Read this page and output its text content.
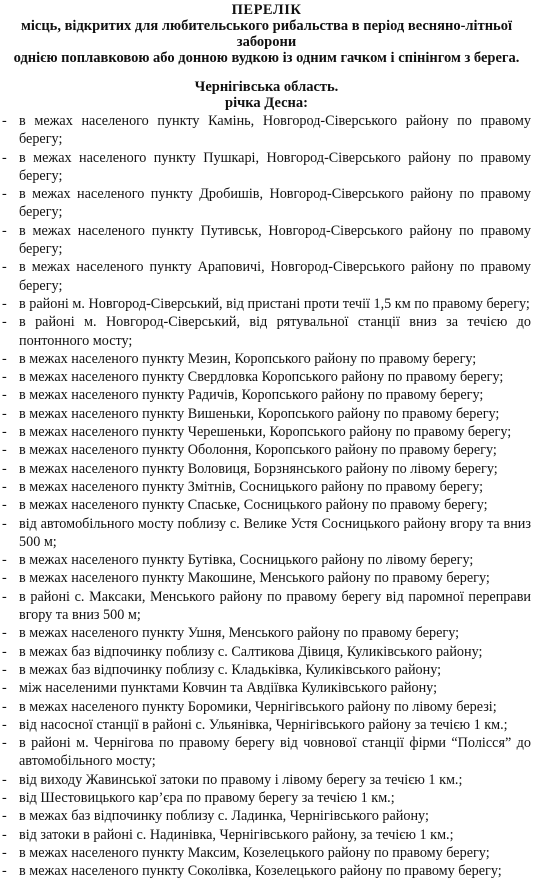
ПЕРЕЛІК

місць, відкритих для любительського рибальства в період весняно-літньої заборони

однією поплавковою або донною вудкою із одним гачком і спінінгом з берега.

Чернігівська область.

річка Десна:

- в межах населеного пункту Камінь, Новгород-Сіверського району по правому берегу;
- в межах населеного пункту Пушкарі, Новгород-Сіверського району по правому берегу;
- в межах населеного пункту Дробишів, Новгород-Сіверського району по правому берегу;
- в межах населеного пункту Путивськ, Новгород-Сіверського району по правому берегу;
- в межах населеного пункту Араповичі, Новгород-Сіверського району по правому берегу;
- в районі м. Новгород-Сіверський, від пристані проти течії 1,5 км по правому берегу;
- в районі м. Новгород-Сіверський, від рятувальної станції вниз за течією до понтонного мосту;
- в межах населеного пункту Мезин, Коропського району по правому берегу;
- в межах населеного пункту Свердловка Коропського району по правому берегу;
- в межах населеного пункту Радичів, Коропського району по правому берегу;
- в межах населеного пункту Вишеньки, Коропського району по правому берегу;
- в межах населеного пункту Черешеньки, Коропського району по правому берегу;
- в межах населеного пункту Оболоння, Коропського району по правому берегу;
- в межах населеного пункту Воловиця, Борзнянського району по лівому берегу;
- в межах населеного пункту Змітнів, Сосницького району по правому берегу;
- в межах населеного пункту Спаське, Сосницького району по правому берегу;
- від автомобільного мосту поблизу с. Велике Устя Сосницького району вгору та вниз 500 м;
- в межах населеного пункту Бутівка, Сосницького району по лівому берегу;
- в межах населеного пункту Макошине, Менського району по правому берегу;
- в районі с. Максаки, Менського району по правому берегу від паромної переправи вгору та вниз 500 м;
- в межах населеного пункту Ушня, Менського району по правому берегу;
- в межах баз відпочинку поблизу с. Салтикова Дівиця, Куликівського району;
- в межах баз відпочинку поблизу с. Кладьківка, Куликівського району;
- між населеними пунктами Ковчин та Авдіївка Куликівського району;
- в межах населеного пункту Боромики, Чернігівського району по лівому березі;
- від насосної станції в районі с. Ульянівка, Чернігівського району за течією 1 км.;
- в районі м. Чернігова по правому берегу від човнової станції фірми “Полісся” до автомобільного мосту;
- від виходу Жавинської затоки по правому і лівому берегу за течією 1 км.;
- від Шестовицького кар’єра по правому берегу за течією 1 км.;
- в межах баз відпочинку поблизу с. Ладинка, Чернігівського району;
- від затоки в районі с. Надинівка, Чернігівського району, за течією 1 км.;
- в межах населеного пункту Максим, Козелецького району по правому берегу;
- в межах населеного пункту Соколівка, Козелецького району по правому берегу;
